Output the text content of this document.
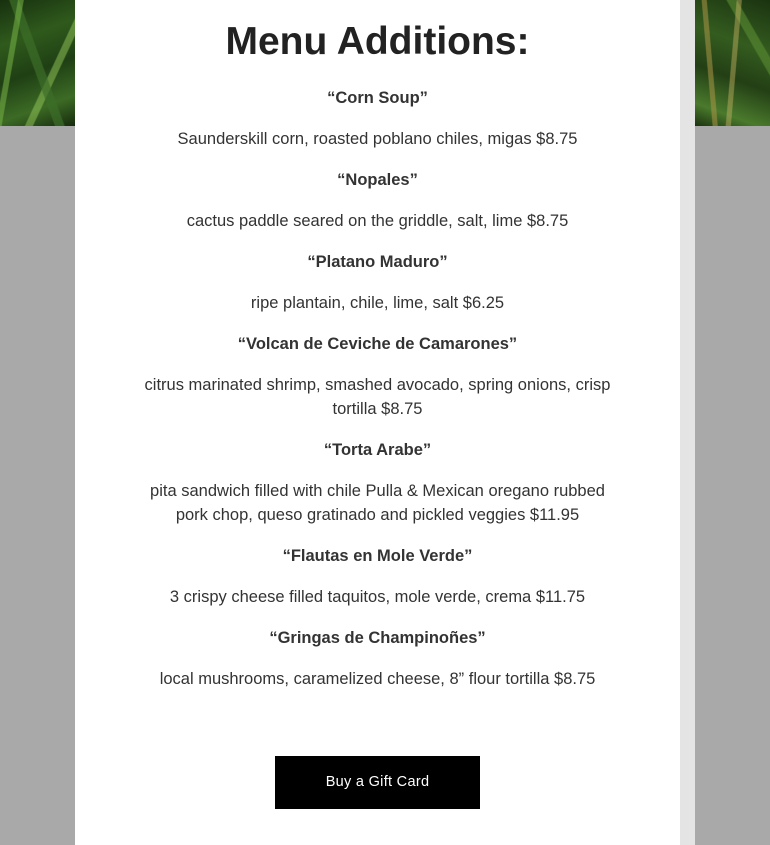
Menu Additions:

“Corn Soup”

Saunderskill corn, roasted poblano chiles, migas $8.75

“Nopales”

cactus paddle seared on the griddle, salt, lime $8.75

“Platano Maduro”

ripe plantain, chile, lime, salt $6.25

“Volcan de Ceviche de Camarones”

citrus marinated shrimp, smashed avocado, spring onions, crisp tortilla $8.75

“Torta Arabe”

pita sandwich filled with chile Pulla & Mexican oregano rubbed pork chop, queso gratinado and pickled veggies $11.95

“Flautas en Mole Verde”

3 crispy cheese filled taquitos, mole verde, crema $11.75

“Gringas de Champinoñes”

local mushrooms, caramelized cheese, 8” flour tortilla $8.75

Buy a Gift Card
